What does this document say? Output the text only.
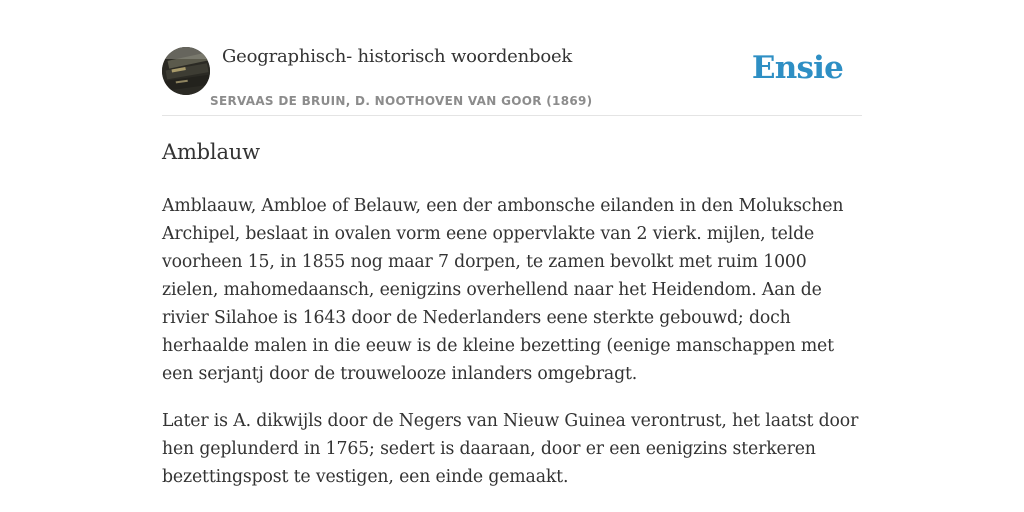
Geographisch- historisch woordenboek
SERVAAS DE BRUIN, D. NOOTHOVEN VAN GOOR (1869)
Ensie
Amblauw

Amblaauw, Ambloe of Belauw, een der ambonsche eilanden in den Molukschen Archipel, beslaat in ovalen vorm eene oppervlakte van 2 vierk. mijlen, telde voorheen 15, in 1855 nog maar 7 dorpen, te zamen bevolkt met ruim 1000 zielen, mahomedaansch, eenigzins overhellend naar het Heidendom. Aan de rivier Silahoe is 1643 door de Nederlanders eene sterkte gebouwd; doch herhaalde malen in die eeuw is de kleine bezetting (eenige manschappen met een serjantj door de trouwelooze inlanders omgebragt.

Later is A. dikwijls door de Negers van Nieuw Guinea verontrust, het laatst door hen geplunderd in 1765; sedert is daaraan, door er een eenigzins sterkeren bezettingspost te vestigen, een einde gemaakt.
